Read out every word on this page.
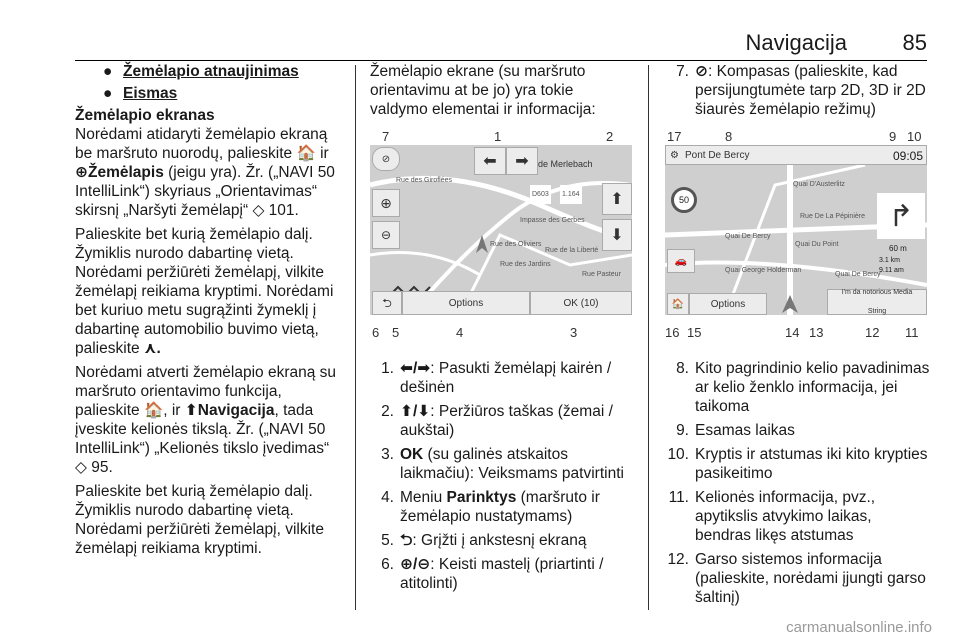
Navigacija	85
● Žemėlapio atnaujinimas
● Eismas
Žemėlapio ekranas

Norėdami atidaryti žemėlapio ekraną be maršruto nuorodų, palieskite 🏠 ir ⊕Žemėlapis (jeigu yra). Žr. („NAVI 50 IntelliLink“) skyriaus „Orientavimas“ skirsnį „Naršyti žemėlapį“ ◇ 101.

Palieskite bet kurią žemėlapio dalį. Žymiklis nurodo dabartinę vietą. Norėdami peržiūrėti žemėlapį, vilkite žemėlapį reikiama kryptimi. Norėdami bet kuriuo metu sugrąžinti žymeklį į dabartinę automobilio buvimo vietą, palieskite ⋏.

Norėdami atverti žemėlapio ekraną su maršruto orientavimo funkcija, palieskite 🏠, ir ⬆Navigacija, tada įveskite kelionės tikslą. Žr. („NAVI 50 IntelliLink“) „Kelionės tikslo įvedimas“ ◇ 95.

Palieskite bet kurią žemėlapio dalį. Žymiklis nurodo dabartinę vietą. Norėdami peržiūrėti žemėlapį, vilkite žemėlapį reikiama kryptimi.

Žemėlapio ekrane (su maršruto orientavimu at be jo) yra tokie valdymo elementai ir informacija:

7	1	2
de Merlebach
D603 1.164
Rue des Giroflées
Impasse des Gerbes
Rue des Oliviers
Rue des Jardins
Rue de la Liberté
Rue Pasteur
⊘	⬅	➡
⬆
⬇
⊕
⊖
⮌	Options	OK (10)
6 5	4	3
1. ⬅/➡: Pasukti žemėlapį kairėn / dešinėn
2. ⬆/⬇: Peržiūros taškas (žemai / aukštai)
3. OK (su galinės atskaitos laikmačiu): Veiksmams patvirtinti
4. Meniu Parinktys (maršruto ir žemėlapio nustatymams)
5. ⮌: Grįžti į ankstesnį ekraną
6. ⊕/⊖: Keisti mastelį (priartinti / atitolinti)
7. ⊘: Kompasas (palieskite, kad persijungtumėte tarp 2D, 3D ir 2D šiaurės žemėlapio režimų)
17	8	9 10
⚙ Pont De Bercy	09:05
50
Quai D'Austerlitz
Rue De La Pépinière
Quai De Bercy
Quai Du Point
Quai George Holderman
Quai De Bercy
↱
60 m
3.1 km
9.11 am
🚗
🏠	Options
I'm da notorious Media
String
16 15	14 13	12 11
8. Kito pagrindinio kelio pavadinimas ar kelio ženklo informacija, jei taikoma
9. Esamas laikas
10. Kryptis ir atstumas iki kito krypties pasikeitimo
11. Kelionės informacija, pvz., apytikslis atvykimo laikas, bendras likęs atstumas
12. Garso sistemos informacija (palieskite, norėdami įjungti garso šaltinį)
carmanualsonline.info
